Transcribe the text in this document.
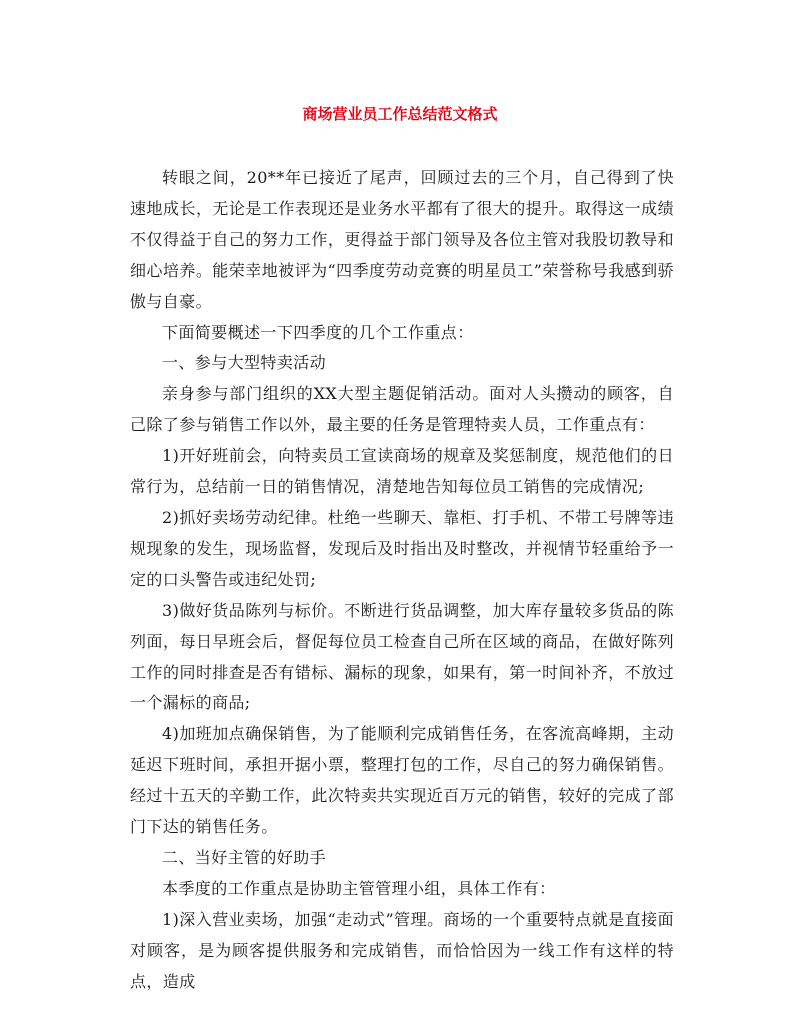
商场营业员工作总结范文格式

转眼之间，20**年已接近了尾声，回顾过去的三个月，自己得到了快速地成长，无论是工作表现还是业务水平都有了很大的提升。取得这一成绩不仅得益于自己的努力工作，更得益于部门领导及各位主管对我股切教导和细心培养。能荣幸地被评为“四季度劳动竞赛的明星员工”荣誉称号我感到骄傲与自豪。

下面简要概述一下四季度的几个工作重点：

一、参与大型特卖活动

亲身参与部门组织的XX大型主题促销活动。面对人头攒动的顾客，自己除了参与销售工作以外，最主要的任务是管理特卖人员，工作重点有：

1)开好班前会，向特卖员工宣读商场的规章及奖惩制度，规范他们的日常行为，总结前一日的销售情况，清楚地告知每位员工销售的完成情况;

2)抓好卖场劳动纪律。杜绝一些聊天、靠柜、打手机、不带工号牌等违规现象的发生，现场监督，发现后及时指出及时整改，并视情节轻重给予一定的口头警告或违纪处罚;

3)做好货品陈列与标价。不断进行货品调整，加大库存量较多货品的陈列面，每日早班会后，督促每位员工检查自己所在区域的商品，在做好陈列工作的同时排查是否有错标、漏标的现象，如果有，第一时间补齐，不放过一个漏标的商品;

4)加班加点确保销售，为了能顺利完成销售任务，在客流高峰期，主动延迟下班时间，承担开据小票，整理打包的工作，尽自己的努力确保销售。经过十五天的辛勤工作，此次特卖共实现近百万元的销售，较好的完成了部门下达的销售任务。

二、当好主管的好助手

本季度的工作重点是协助主管管理小组，具体工作有：

1)深入营业卖场，加强“走动式”管理。商场的一个重要特点就是直接面对顾客，是为顾客提供服务和完成销售，而恰恰因为一线工作有这样的特点，造成
